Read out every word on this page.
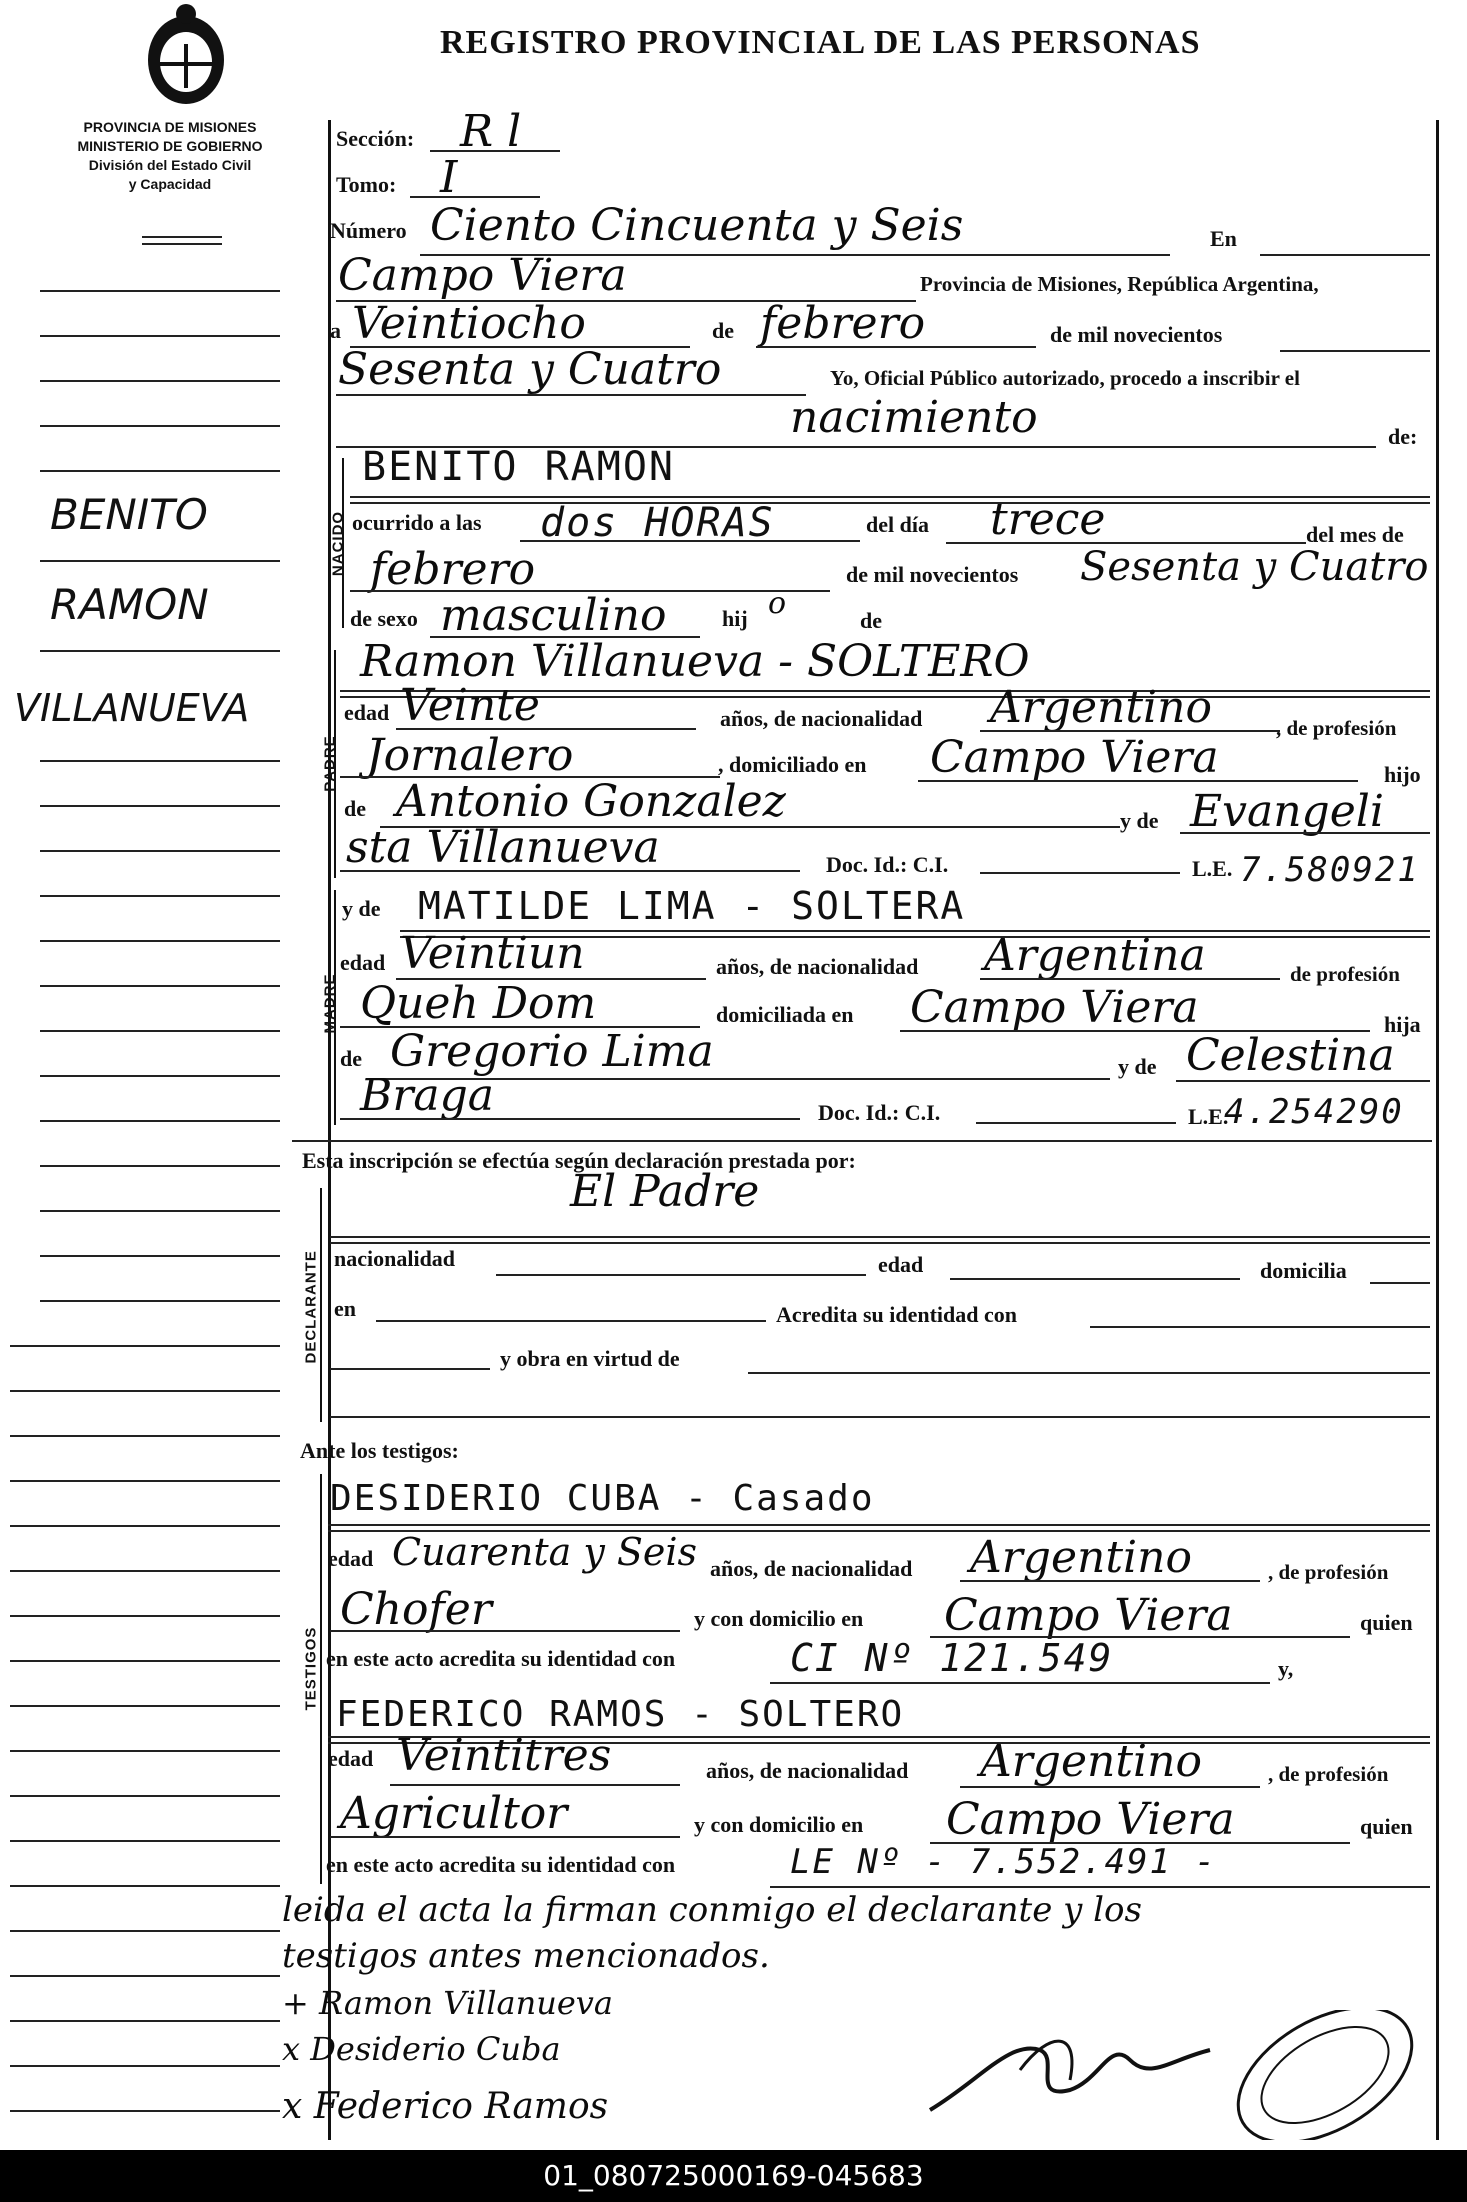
REGISTRO PROVINCIAL DE LAS PERSONAS
PROVINCIA DE MISIONES
MINISTERIO DE GOBIERNO
División del Estado Civil
y Capacidad
BENITO
RAMON
VILLANUEVA
Sección: R l
Tomo: I
Número Ciento Cincuenta y Seis	En
Campo Viera	Provincia de Misiones, República Argentina,
a Veintiocho	de febrero	de mil novecientos
Sesenta y Cuatro	Yo, Oficial Público autorizado, procedo a inscribir el
nacimiento	de:
NACIDO
BENITO RAMON
ocurrido a las dos HORAS	del día trece	del mes de
febrero	de mil novecientos Sesenta y Cuatro
de sexo masculino	hij o	de
PADRE
Ramon Villanueva - SOLTERO
edad Veinte	años, de nacionalidad Argentino	, de profesión
Jornalero	, domiciliado en Campo Viera	hijo
de Antonio Gonzalez	y de Evangeli
sta Villanueva	Doc. Id.: C.I.	L.E. 7.580921
MADRE
y de MATILDE LIMA - SOLTERA
edad Veintiun	años, de nacionalidad Argentina	de profesión
Queh Dom	domiciliada en Campo Viera	hija
de Gregorio Lima	y de Celestina
Braga	Doc. Id.: C.I.	L.E.
4.254290
Esta inscripción se efectúa según declaración prestada por:
DECLARANTE
El Padre
nacionalidad	edad	domicilia
en	Acredita su identidad con
y obra en virtud de
Ante los testigos:
TESTIGOS
DESIDERIO CUBA - Casado
edad Cuarenta y Seis años, de nacionalidad Argentino	, de profesión
Chofer	y con domicilio en Campo Viera	quien
en este acto acredita su identidad con	CI Nº 121.549	y,
FEDERICO RAMOS - SOLTERO
edad Veintitres	años, de nacionalidad Argentino	, de profesión
Agricultor	y con domicilio en Campo Viera	quien
en este acto acredita su identidad con	LE Nº - 7.552.491 -
leida el acta la firman conmigo el declarante y los
testigos antes mencionados.
+ Ramon Villanueva
x Desiderio Cuba
x Federico Ramos
01_080725000169-045683
